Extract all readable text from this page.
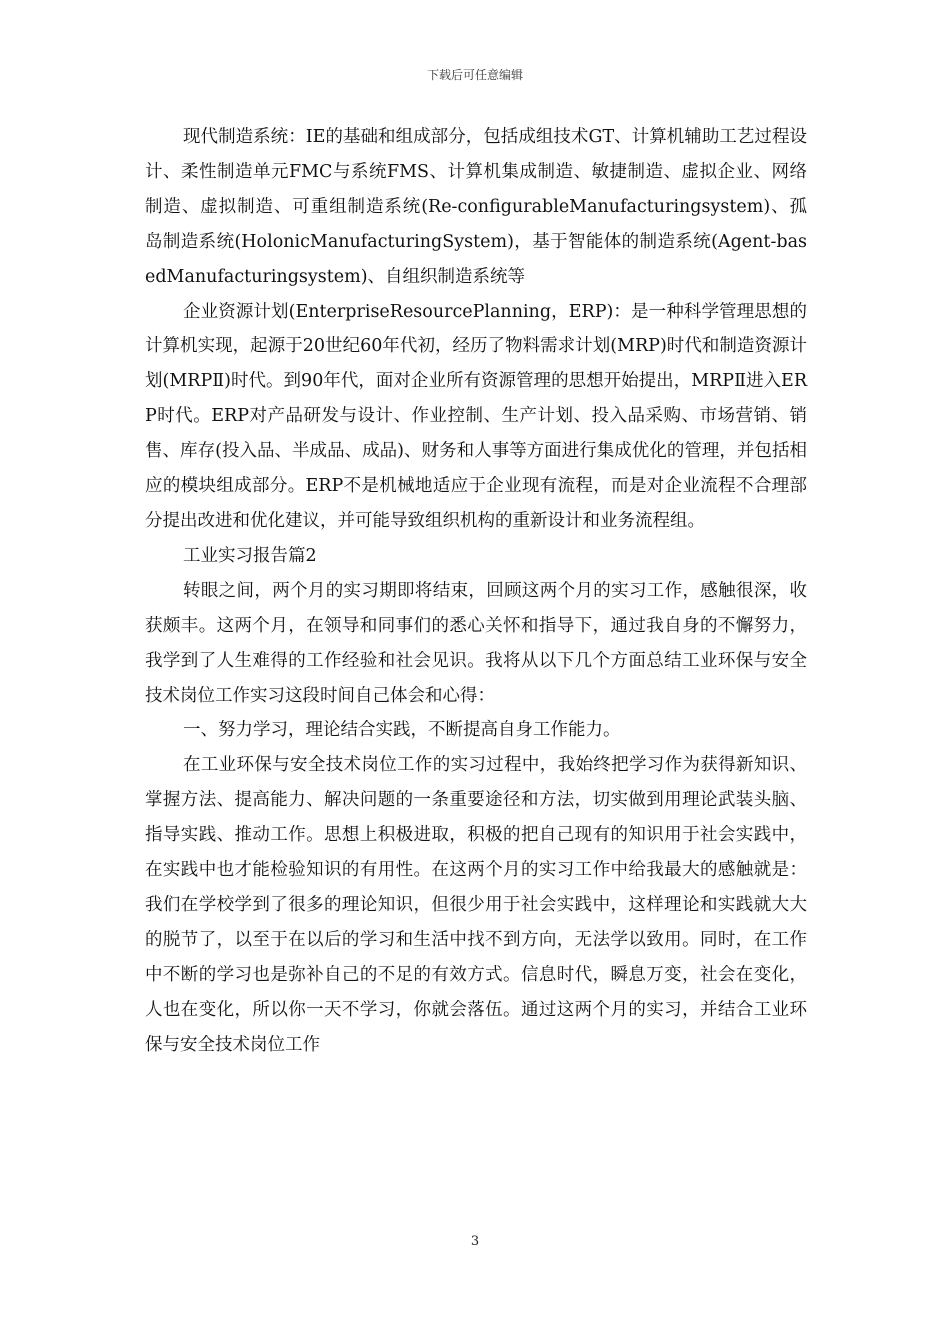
下载后可任意编辑

现代制造系统：IE的基础和组成部分，包括成组技术GT、计算机辅助工艺过程设计、柔性制造单元FMC与系统FMS、计算机集成制造、敏捷制造、虚拟企业、网络制造、虚拟制造、可重组制造系统(Re-configurableManufacturingsystem)、孤岛制造系统(HolonicManufacturingSystem)，基于智能体的制造系统(Agent-basedManufacturingsystem)、自组织制造系统等

企业资源计划(EnterpriseResourcePlanning，ERP)：是一种科学管理思想的计算机实现，起源于20世纪60年代初，经历了物料需求计划(MRP)时代和制造资源计划(MRPⅡ)时代。到90年代，面对企业所有资源管理的思想开始提出，MRPⅡ进入ERP时代。ERP对产品研发与设计、作业控制、生产计划、投入品采购、市场营销、销售、库存(投入品、半成品、成品)、财务和人事等方面进行集成优化的管理，并包括相应的模块组成部分。ERP不是机械地适应于企业现有流程，而是对企业流程不合理部分提出改进和优化建议，并可能导致组织机构的重新设计和业务流程组。

工业实习报告篇2

转眼之间，两个月的实习期即将结束，回顾这两个月的实习工作，感触很深，收获颇丰。这两个月，在领导和同事们的悉心关怀和指导下，通过我自身的不懈努力，我学到了人生难得的工作经验和社会见识。我将从以下几个方面总结工业环保与安全技术岗位工作实习这段时间自己体会和心得：

一、努力学习，理论结合实践，不断提高自身工作能力。

在工业环保与安全技术岗位工作的实习过程中，我始终把学习作为获得新知识、掌握方法、提高能力、解决问题的一条重要途径和方法，切实做到用理论武装头脑、指导实践、推动工作。思想上积极进取，积极的把自己现有的知识用于社会实践中，在实践中也才能检验知识的有用性。在这两个月的实习工作中给我最大的感触就是：我们在学校学到了很多的理论知识，但很少用于社会实践中，这样理论和实践就大大的脱节了，以至于在以后的学习和生活中找不到方向，无法学以致用。同时，在工作中不断的学习也是弥补自己的不足的有效方式。信息时代，瞬息万变，社会在变化，人也在变化，所以你一天不学习，你就会落伍。通过这两个月的实习，并结合工业环保与安全技术岗位工作

3
